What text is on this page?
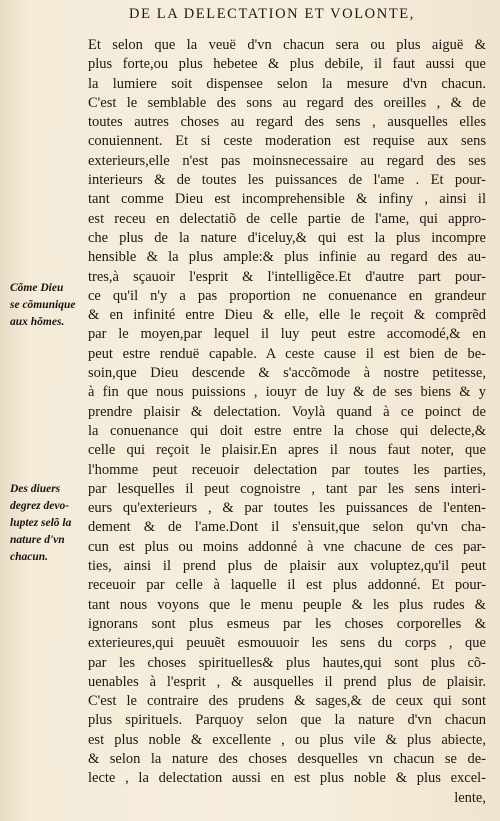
DE LA DELECTATION ET VOLONTE,
Et selon que la veuë d'vn chacun sera ou plus aiguë &
plus forte,ou plus hebetee & plus debile, il faut aussi que
la lumiere soit dispensee selon la mesure d'vn chacun.
C'est le semblable des sons au regard des oreilles , & de
toutes autres choses au regard des sens , ausquelles elles
conuiennent. Et si ceste moderation est requise aux sens
exterieurs,elle n'est pas moinsnecessaire au regard des ses
interieurs & de toutes les puissances de l'ame . Et pour-
tant comme Dieu est incomprehensible & infiny , ainsi il
est receu en delectatiõ de celle partie de l'ame, qui appro-
che plus de la nature d'iceluy,& qui est la plus incompre
hensible & la plus ample:& plus infinie au regard des au-
tres,à sçauoir l'esprit & l'intelligẽce.Et d'autre part pour-
ce qu'il n'y a pas proportion ne conuenance en grandeur
& en infinité entre Dieu & elle, elle le reçoit & comprẽd
par le moyen,par lequel il luy peut estre accomodé,& en
peut estre renduë capable. A ceste cause il est bien de be-
soin,que Dieu descende & s'accõmode à nostre petitesse,
à fin que nous puissions , iouyr de luy & de ses biens & y
prendre plaisir & delectation. Voylà quand à ce poinct de
la conuenance qui doit estre entre la chose qui delecte,&
celle qui reçoit le plaisir.En apres il nous faut noter, que
l'homme peut receuoir delectation par toutes les parties,
par lesquelles il peut cognoistre , tant par les sens interi-
eurs qu'exterieurs , & par toutes les puissances de l'enten-
dement & de l'ame.Dont il s'ensuit,que selon qu'vn cha-
cun est plus ou moins addonné à vne chacune de ces par-
ties, ainsi il prend plus de plaisir aux voluptez,qu'il peut
receuoir par celle à laquelle il est plus addonné. Et pour-
tant nous voyons que le menu peuple & les plus rudes &
ignorans sont plus esmeus par les choses corporelles &
exterieures,qui peuuẽt esmouuoir les sens du corps , que
par les choses spirituelles& plus hautes,qui sont plus cõ-
uenables à l'esprit , & ausquelles il prend plus de plaisir.
C'est le contraire des prudens & sages,& de ceux qui sont
plus spirituels. Parquoy selon que la nature d'vn chacun
est plus noble & excellente , ou plus vile & plus abiecte,
& selon la nature des choses desquelles vn chacun se de-
lecte , la delectation aussi en est plus noble & plus excel-
lente,
Cõme Dieu
se cõmunique
aux hõmes.
Des diuers
degrez devo-
luptez selõ la
nature d'vn
chacun.
